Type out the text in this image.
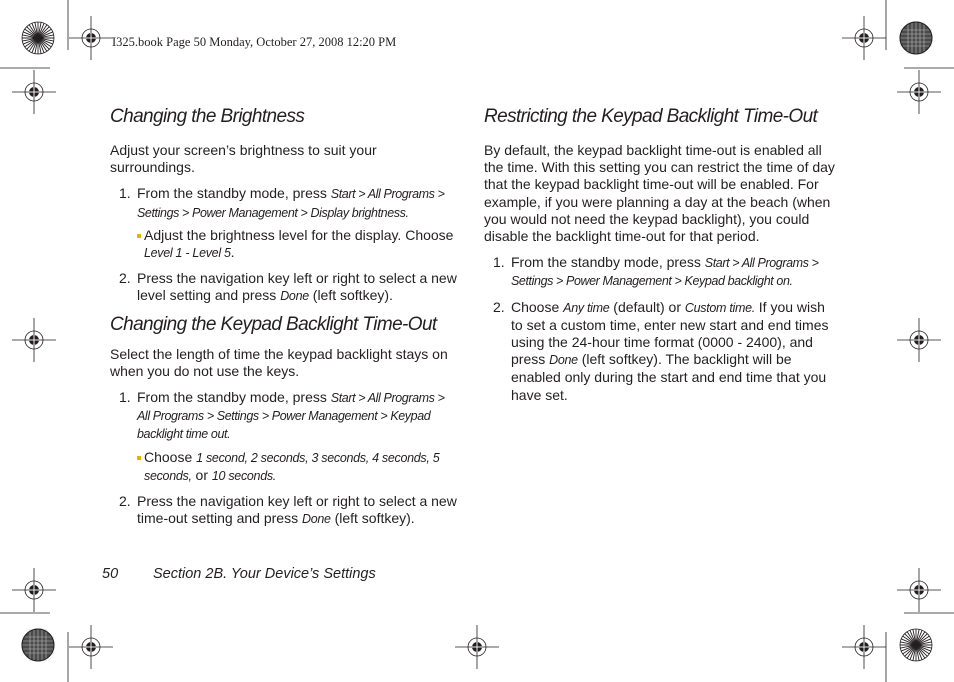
I325.book Page 50 Monday, October 27, 2008 12:20 PM
Changing the Brightness

Adjust your screen’s brightness to suit your surroundings.

1. From the standby mode, press Start > All Programs >
Settings > Power Management > Display brightness.
Adjust the brightness level for the display. Choose Level 1 - Level 5.
2. Press the navigation key left or right to select a new level setting and press Done (left softkey).
Changing the Keypad Backlight Time-Out

Select the length of time the keypad backlight stays on when you do not use the keys.

1. From the standby mode, press Start > All Programs >
All Programs > Settings > Power Management > Keypad backlight time out.
Choose 1 second, 2 seconds, 3 seconds, 4 seconds, 5 seconds, or 10 seconds.
2. Press the navigation key left or right to select a new time-out setting and press Done (left softkey).
Restricting the Keypad Backlight Time-Out

By default, the keypad backlight time-out is enabled all the time. With this setting you can restrict the time of day that the keypad backlight time-out will be enabled. For example, if you were planning a day at the beach (when you would not need the keypad backlight), you could disable the backlight time-out for that period.

1. From the standby mode, press Start > All Programs >
Settings > Power Management > Keypad backlight on.
2. Choose Any time (default) or Custom time. If you wish to set a custom time, enter new start and end times using the 24-hour time format (0000 - 2400), and press Done (left softkey). The backlight will be enabled only during the start and end time that you have set.
50 Section 2B. Your Device’s Settings
